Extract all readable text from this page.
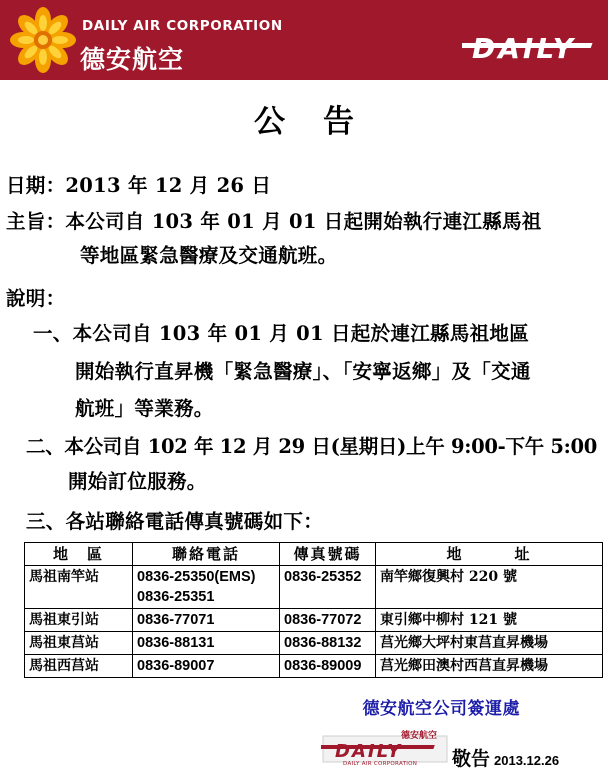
DAILY AIR CORPORATION
德安航空	DAILY
公告
日期：2013 年 12 月 26 日
主旨：本公司自 103 年 01 月 01 日起開始執行連江縣馬祖
等地區緊急醫療及交通航班。
說明：
一、本公司自 103 年 01 月 01 日起於連江縣馬祖地區
開始執行直昇機「緊急醫療」、「安寧返鄉」及「交通
航班」等業務。
二、本公司自 102 年 12 月 29 日(星期日)上午 9:00-下午 5:00
開始訂位服務。
三、各站聯絡電話傳真號碼如下：
地　區	聯絡電話	傳真號碼	地　　　址
馬祖南竿站	0836-25350(EMS)
0836-25351	0836-25352	南竿鄉復興村 220 號
馬祖東引站	0836-77071	0836-77072	東引鄉中柳村 121 號
馬祖東莒站	0836-88131	0836-88132	莒光鄉大坪村東莒直昇機場
馬祖西莒站	0836-89007	0836-89009	莒光鄉田澳村西莒直昇機場
德安航空公司簽運處
德安航空
DAILY
DAILY AIR CORPORATION 敬告 2013.12.26
